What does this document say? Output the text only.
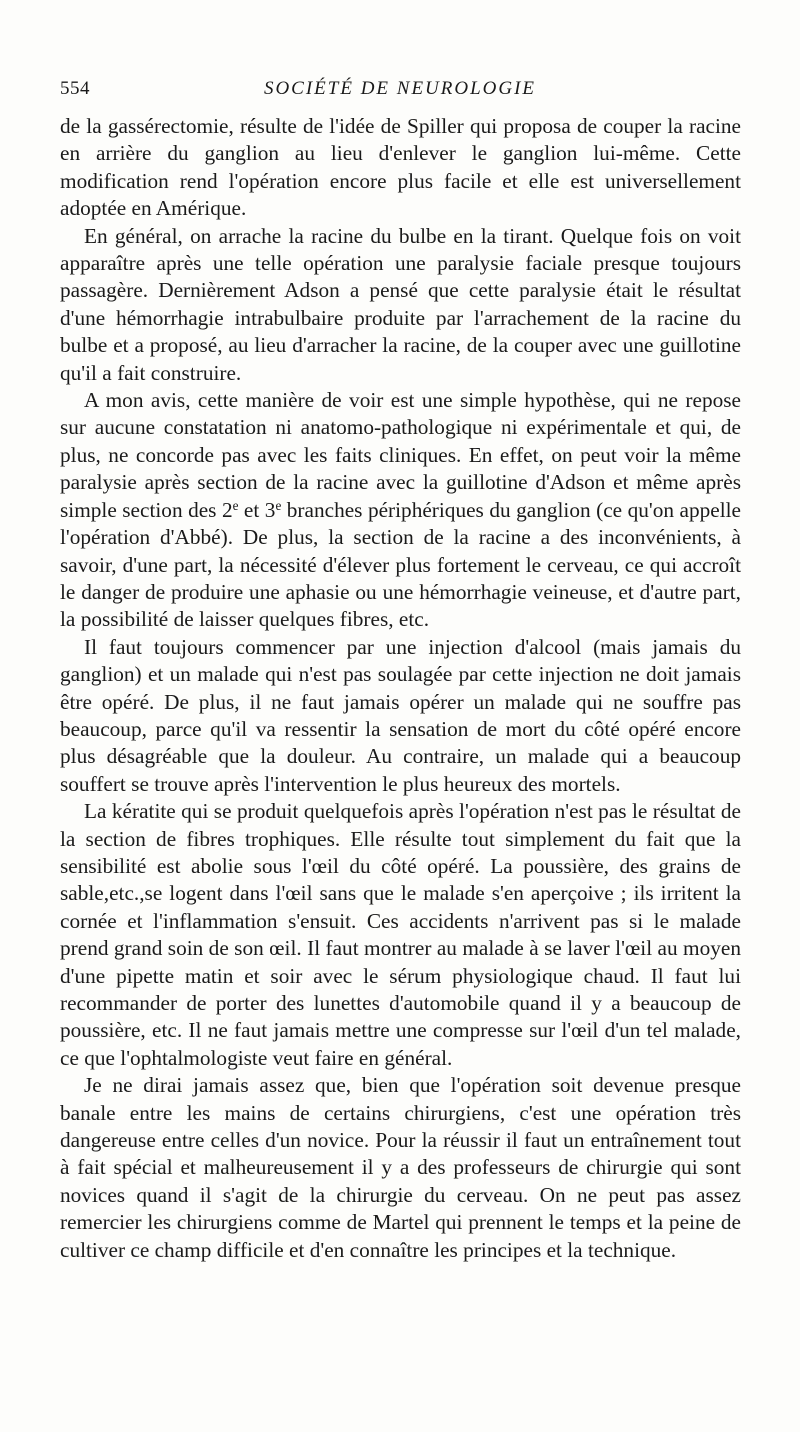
554	SOCIÉTÉ DE NEUROLOGIE

de la gassérectomie, résulte de l'idée de Spiller qui proposa de couper la racine en arrière du ganglion au lieu d'enlever le ganglion lui-même. Cette modification rend l'opération encore plus facile et elle est universellement adoptée en Amérique.

En général, on arrache la racine du bulbe en la tirant. Quelque fois on voit apparaître après une telle opération une paralysie faciale presque toujours passagère. Dernièrement Adson a pensé que cette paralysie était le résultat d'une hémorrhagie intrabulbaire produite par l'arrachement de la racine du bulbe et a proposé, au lieu d'arracher la racine, de la couper avec une guillotine qu'il a fait construire.

A mon avis, cette manière de voir est une simple hypothèse, qui ne repose sur aucune constatation ni anatomo-pathologique ni expérimentale et qui, de plus, ne concorde pas avec les faits cliniques. En effet, on peut voir la même paralysie après section de la racine avec la guillotine d'Adson et même après simple section des 2e et 3e branches périphériques du ganglion (ce qu'on appelle l'opération d'Abbé). De plus, la section de la racine a des inconvénients, à savoir, d'une part, la nécessité d'élever plus fortement le cerveau, ce qui accroît le danger de produire une aphasie ou une hémorrhagie veineuse, et d'autre part, la possibilité de laisser quelques fibres, etc.

Il faut toujours commencer par une injection d'alcool (mais jamais du ganglion) et un malade qui n'est pas soulagée par cette injection ne doit jamais être opéré. De plus, il ne faut jamais opérer un malade qui ne souffre pas beaucoup, parce qu'il va ressentir la sensation de mort du côté opéré encore plus désagréable que la douleur. Au contraire, un malade qui a beaucoup souffert se trouve après l'intervention le plus heureux des mortels.

La kératite qui se produit quelquefois après l'opération n'est pas le résultat de la section de fibres trophiques. Elle résulte tout simplement du fait que la sensibilité est abolie sous l'œil du côté opéré. La poussière, des grains de sable,etc.,se logent dans l'œil sans que le malade s'en aperçoive ; ils irritent la cornée et l'inflammation s'ensuit. Ces accidents n'arrivent pas si le malade prend grand soin de son œil. Il faut montrer au malade à se laver l'œil au moyen d'une pipette matin et soir avec le sérum physiologique chaud. Il faut lui recommander de porter des lunettes d'automobile quand il y a beaucoup de poussière, etc. Il ne faut jamais mettre une compresse sur l'œil d'un tel malade, ce que l'ophtalmologiste veut faire en général.

Je ne dirai jamais assez que, bien que l'opération soit devenue presque banale entre les mains de certains chirurgiens, c'est une opération très dangereuse entre celles d'un novice. Pour la réussir il faut un entraînement tout à fait spécial et malheureusement il y a des professeurs de chirurgie qui sont novices quand il s'agit de la chirurgie du cerveau. On ne peut pas assez remercier les chirurgiens comme de Martel qui prennent le temps et la peine de cultiver ce champ difficile et d'en connaître les principes et la technique.
